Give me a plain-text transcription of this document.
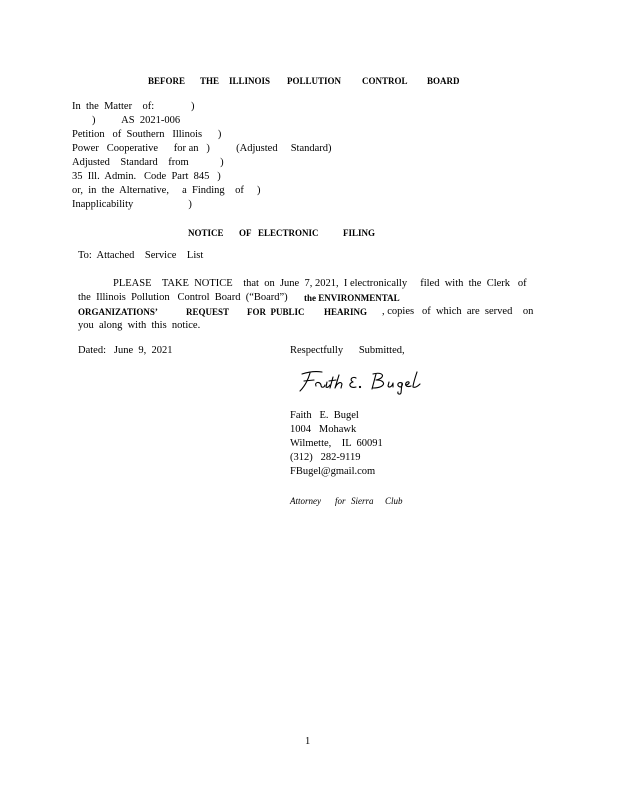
BEFORE THE ILLINOIS POLLUTION CONTROL BOARD
In  the  Matter    of:              )
)          AS  2021-006
Petition   of  Southern   Illinois      )
Power   Cooperative      for an   )          (Adjusted     Standard)
Adjusted    Standard    from            )
35  Ill.  Admin.   Code  Part  845   )
or,  in  the  Alternative,     a  Finding    of     )
Inapplicability                     )
NOTICE OF ELECTRONIC	FILING
To:  Attached    Service    List
PLEASE    TAKE  NOTICE    that  on  June  7, 2021,  I electronically     filed  with  the  Clerk   of
the  Illinois  Pollution   Control  Board  (“Board”) the ENVIRONMENTAL
ORGANIZATIONS’	REQUEST FOR  PUBLIC HEARING , copies   of  which  are  served    on
you  along  with  this  notice.
Dated:   June  9,  2021	Respectfully      Submitted,
Faith   E.  Bugel
1004   Mohawk
Wilmette,    IL  60091
(312)   282-9119
FBugel@gmail.com
Attorney for Sierra Club
1
